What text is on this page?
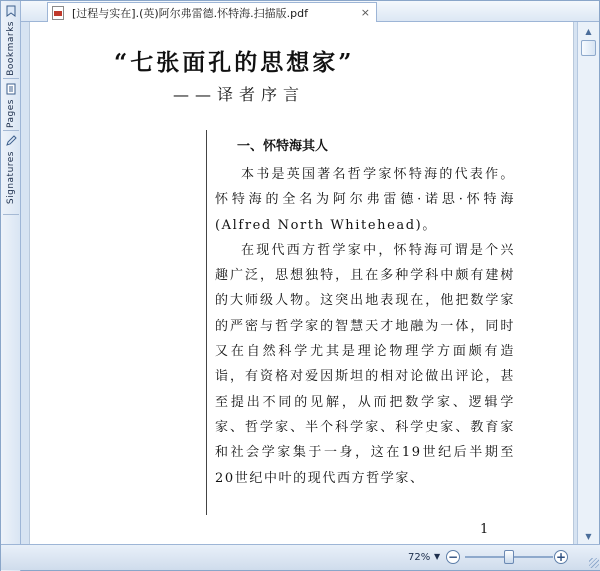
Bookmarks
Pages
Signatures
[过程与实在].(英)阿尔弗雷德.怀特海.扫描版.pdf	×
“七张面孔的思想家”
——译者序言
一、怀特海其人

本书是英国著名哲学家怀特海的代表作。怀特海的全名为阿尔弗雷德·诺思·怀特海(Alfred North Whitehead)。

在现代西方哲学家中，怀特海可谓是个兴趣广泛，思想独特，且在多种学科中颇有建树的大师级人物。这突出地表现在，他把数学家的严密与哲学家的智慧天才地融为一体，同时又在自然科学尤其是理论物理学方面颇有造诣，有资格对爱因斯坦的相对论做出评论，甚至提出不同的见解，从而把数学家、逻辑学家、哲学家、半个科学家、科学史家、教育家和社会学家集于一身，这在19世纪后半期至20世纪中叶的现代西方哲学家、

1
▲
▼
72% ▼ −	+
